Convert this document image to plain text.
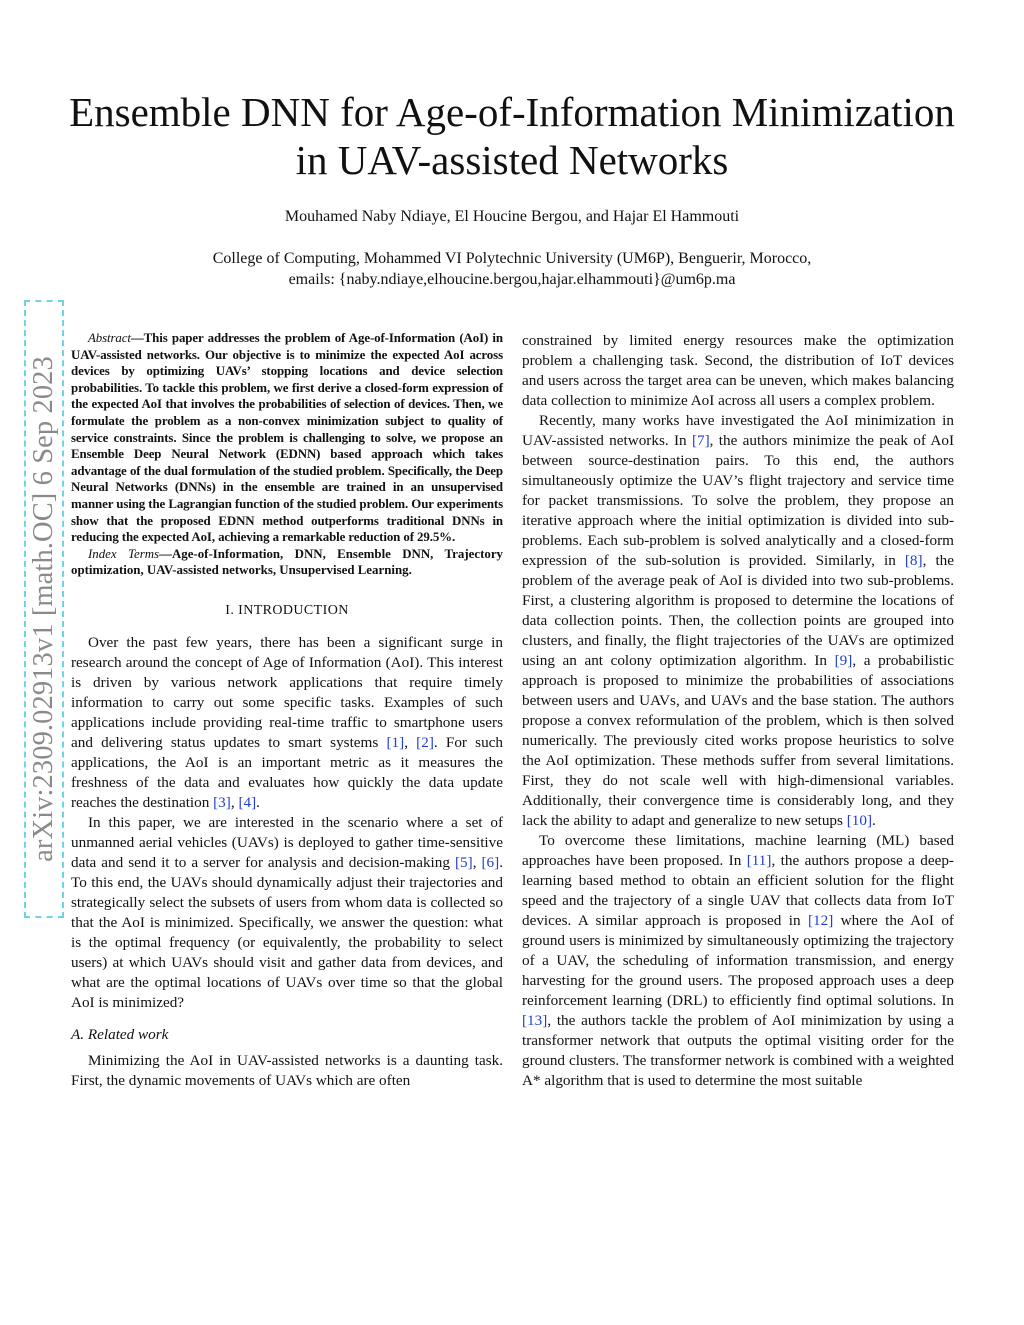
arXiv:2309.02913v1 [math.OC] 6 Sep 2023
Ensemble DNN for Age-of-Information Minimization
in UAV-assisted Networks
Mouhamed Naby Ndiaye, El Houcine Bergou, and Hajar El Hammouti
College of Computing, Mohammed VI Polytechnic University (UM6P), Benguerir, Morocco,
emails: {naby.ndiaye,elhoucine.bergou,hajar.elhammouti}@um6p.ma

Abstract—This paper addresses the problem of Age-of-Information (AoI) in UAV-assisted networks. Our objective is to minimize the expected AoI across devices by optimizing UAVs’ stopping locations and device selection probabilities. To tackle this problem, we first derive a closed-form expression of the expected AoI that involves the probabilities of selection of devices. Then, we formulate the problem as a non-convex minimization subject to quality of service constraints. Since the problem is challenging to solve, we propose an Ensemble Deep Neural Network (EDNN) based approach which takes advantage of the dual formulation of the studied problem. Specifically, the Deep Neural Networks (DNNs) in the ensemble are trained in an unsupervised manner using the Lagrangian function of the studied problem. Our experiments show that the proposed EDNN method outperforms traditional DNNs in reducing the expected AoI, achieving a remarkable reduction of 29.5%.

Index Terms—Age-of-Information, DNN, Ensemble DNN, Trajectory optimization, UAV-assisted networks, Unsupervised Learning.

I. INTRODUCTION

Over the past few years, there has been a significant surge in research around the concept of Age of Information (AoI). This interest is driven by various network applications that require timely information to carry out some specific tasks. Examples of such applications include providing real-time traffic to smartphone users and delivering status updates to smart systems [1], [2]. For such applications, the AoI is an important metric as it measures the freshness of the data and evaluates how quickly the data update reaches the destination [3], [4].

In this paper, we are interested in the scenario where a set of unmanned aerial vehicles (UAVs) is deployed to gather time-sensitive data and send it to a server for analysis and decision-making [5], [6]. To this end, the UAVs should dynamically adjust their trajectories and strategically select the subsets of users from whom data is collected so that the AoI is minimized. Specifically, we answer the question: what is the optimal frequency (or equivalently, the probability to select users) at which UAVs should visit and gather data from devices, and what are the optimal locations of UAVs over time so that the global AoI is minimized?

A. Related work

Minimizing the AoI in UAV-assisted networks is a daunting task. First, the dynamic movements of UAVs which are often

constrained by limited energy resources make the optimization problem a challenging task. Second, the distribution of IoT devices and users across the target area can be uneven, which makes balancing data collection to minimize AoI across all users a complex problem.

Recently, many works have investigated the AoI minimization in UAV-assisted networks. In [7], the authors minimize the peak of AoI between source-destination pairs. To this end, the authors simultaneously optimize the UAV’s flight trajectory and service time for packet transmissions. To solve the problem, they propose an iterative approach where the initial optimization is divided into sub-problems. Each sub-problem is solved analytically and a closed-form expression of the sub-solution is provided. Similarly, in [8], the problem of the average peak of AoI is divided into two sub-problems. First, a clustering algorithm is proposed to determine the locations of data collection points. Then, the collection points are grouped into clusters, and finally, the flight trajectories of the UAVs are optimized using an ant colony optimization algorithm. In [9], a probabilistic approach is proposed to minimize the probabilities of associations between users and UAVs, and UAVs and the base station. The authors propose a convex reformulation of the problem, which is then solved numerically. The previously cited works propose heuristics to solve the AoI optimization. These methods suffer from several limitations. First, they do not scale well with high-dimensional variables. Additionally, their convergence time is considerably long, and they lack the ability to adapt and generalize to new setups [10].

To overcome these limitations, machine learning (ML) based approaches have been proposed. In [11], the authors propose a deep-learning based method to obtain an efficient solution for the flight speed and the trajectory of a single UAV that collects data from IoT devices. A similar approach is proposed in [12] where the AoI of ground users is minimized by simultaneously optimizing the trajectory of a UAV, the scheduling of information transmission, and energy harvesting for the ground users. The proposed approach uses a deep reinforcement learning (DRL) to efficiently find optimal solutions. In [13], the authors tackle the problem of AoI minimization by using a transformer network that outputs the optimal visiting order for the ground clusters. The transformer network is combined with a weighted A* algorithm that is used to determine the most suitable
